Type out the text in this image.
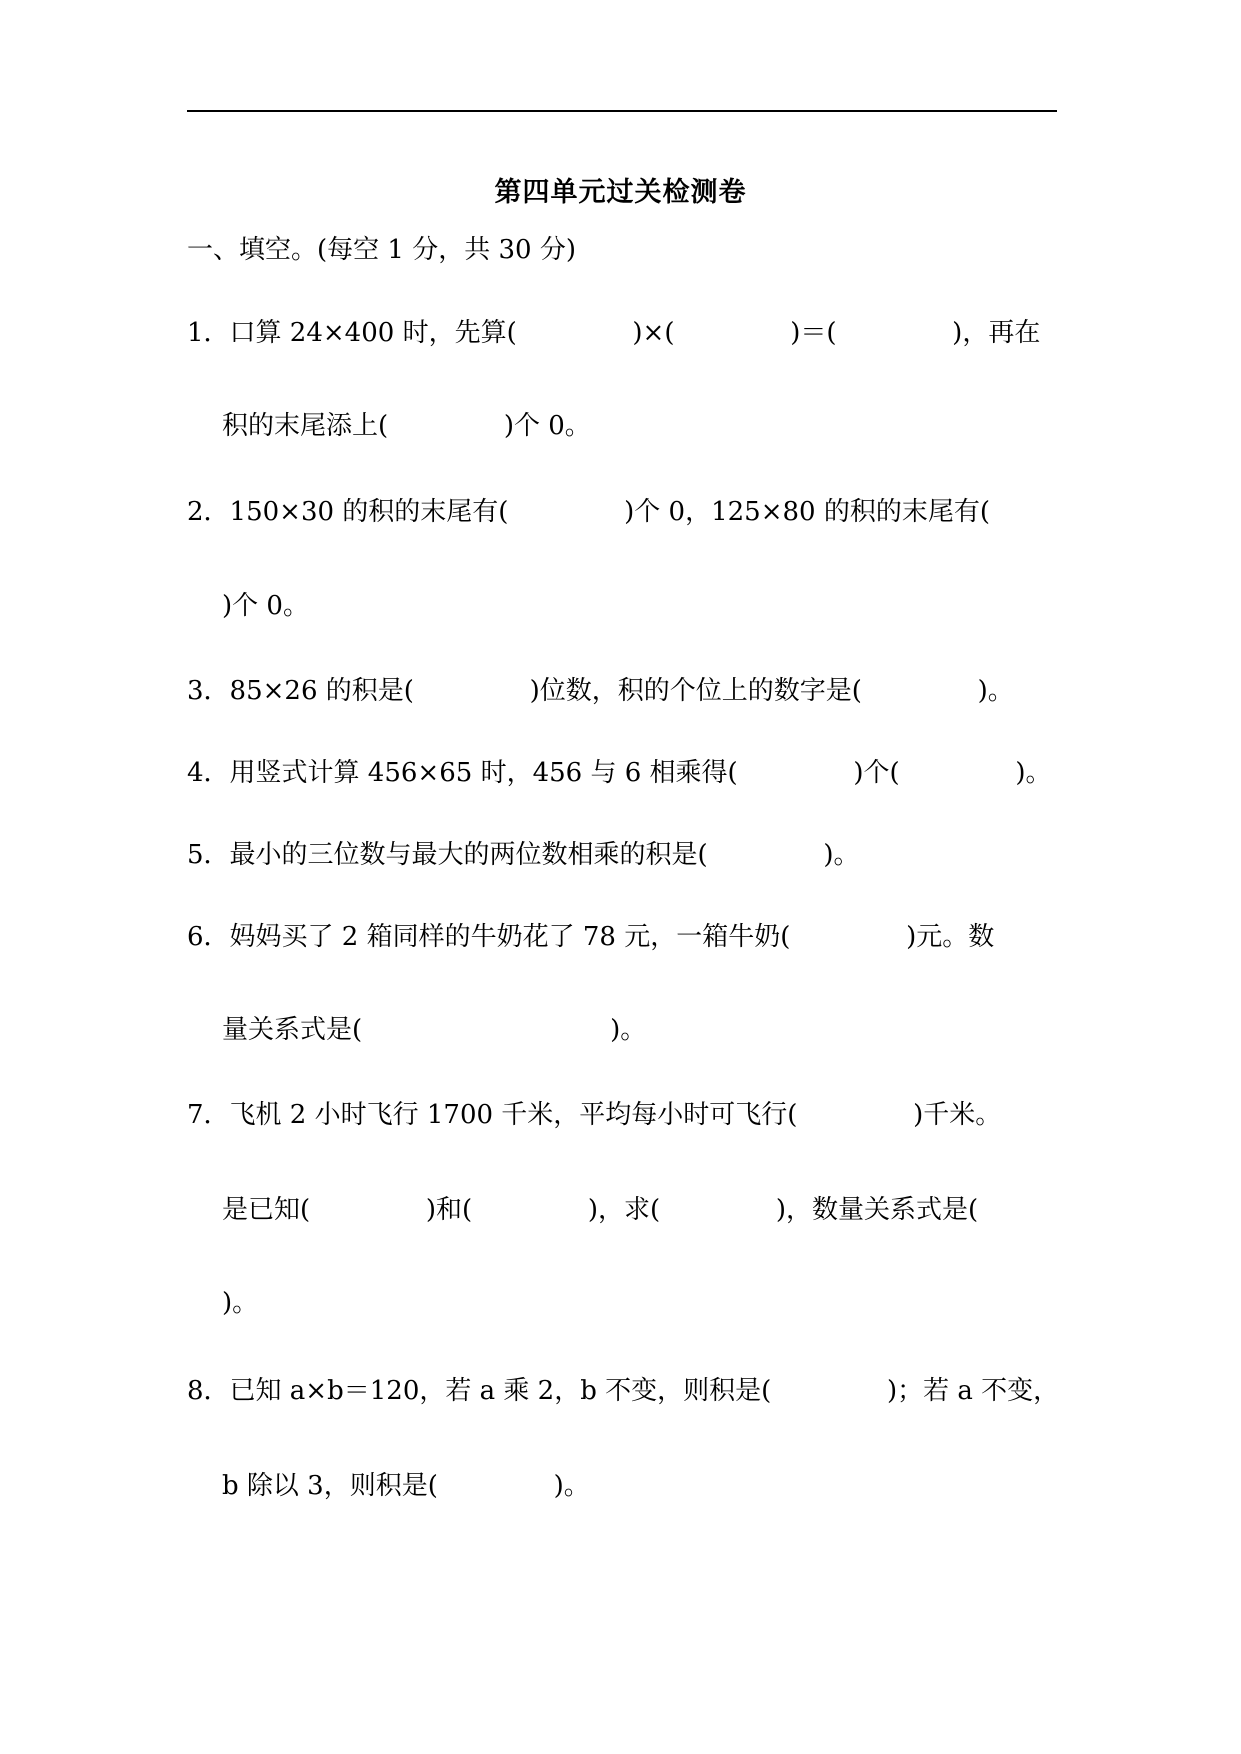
第四单元过关检测卷
一、填空。(每空 1 分，共 30 分)
1．口算 24×400 时，先算(              )×(              )＝(              )，再在
积的末尾添上(              )个 0。
2．150×30 的积的末尾有(              )个 0，125×80 的积的末尾有(
)个 0。
3．85×26 的积是(              )位数，积的个位上的数字是(              )。
4．用竖式计算 456×65 时，456 与 6 相乘得(              )个(              )。
5．最小的三位数与最大的两位数相乘的积是(              )。
6．妈妈买了 2 箱同样的牛奶花了 78 元，一箱牛奶(              )元。数
量关系式是(                              )。
7．飞机 2 小时飞行 1700 千米，平均每小时可飞行(              )千米。
是已知(              )和(              )，求(              )，数量关系式是(
)。
8．已知 a×b＝120，若 a 乘 2，b 不变，则积是(              )；若 a 不变，
b 除以 3，则积是(              )。
